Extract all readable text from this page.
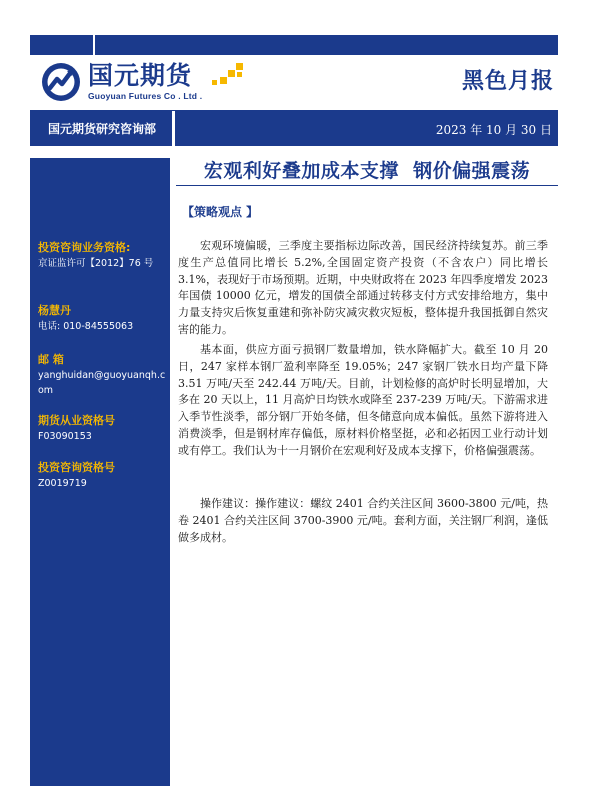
国元期货
Guoyuan Futures Co . Ltd .
黑色月报
国元期货研究咨询部	2023 年 10 月 30 日
投资咨询业务资格:
京证监许可【2012】76 号
杨慧丹
电话: 010-84555063
邮 箱
yanghuidan@guoyuanqh.com
期货从业资格号
F03090153
投资咨询资格号
Z0019719
宏观利好叠加成本支撑  钢价偏强震荡
【策略观点 】

宏观环境偏暖，三季度主要指标边际改善，国民经济持续复苏。前三季度生产总值同比增长 5.2%,全国固定资产投资（不含农户）同比增长 3.1%，表现好于市场预期。近期，中央财政将在 2023 年四季度增发 2023 年国债 10000 亿元，增发的国债全部通过转移支付方式安排给地方，集中力量支持灾后恢复重建和弥补防灾减灾救灾短板，整体提升我国抵御自然灾害的能力。

基本面，供应方面亏损钢厂数量增加，铁水降幅扩大。截至 10 月 20 日，247 家样本钢厂盈利率降至 19.05%；247 家钢厂铁水日均产量下降 3.51 万吨/天至 242.44 万吨/天。目前，计划检修的高炉时长明显增加，大多在 20 天以上，11 月高炉日均铁水或降至 237-239 万吨/天。下游需求进入季节性淡季，部分钢厂开始冬储，但冬储意向成本偏低。虽然下游将进入消费淡季，但是钢材库存偏低，原材料价格坚挺，必和必拓因工业行动计划或有停工。我们认为十一月钢价在宏观利好及成本支撑下，价格偏强震荡。

操作建议：操作建议：螺纹 2401 合约关注区间 3600-3800 元/吨，热卷 2401 合约关注区间 3700-3900 元/吨。套利方面，关注钢厂利润，逢低做多成材。
